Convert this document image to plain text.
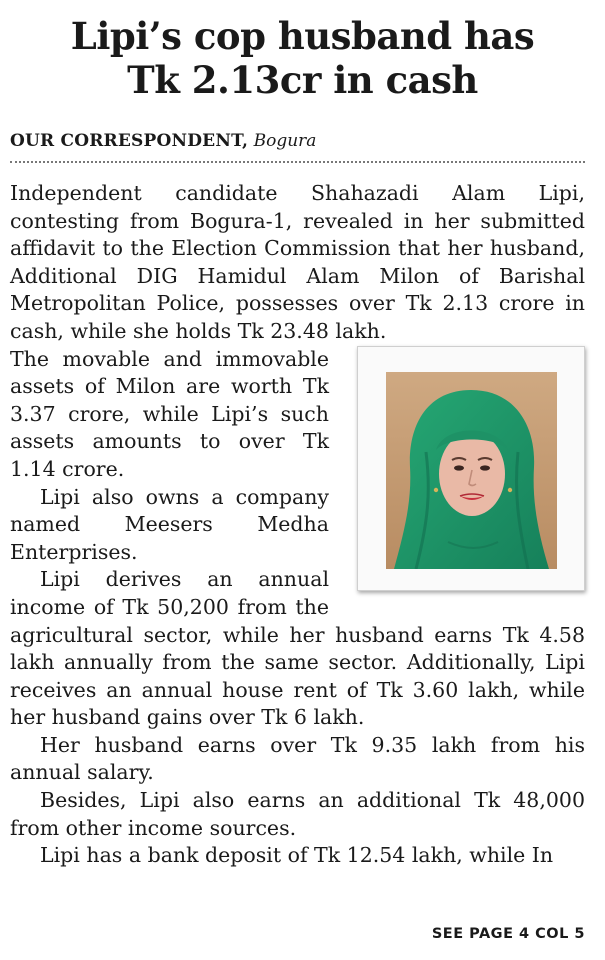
Lipi’s cop husband has
Tk 2.13cr in cash
OUR CORRESPONDENT, Bogura

Independent candidate Shahazadi Alam Lipi, contesting from Bogura-1, revealed in her submitted affidavit to the Election Commission that her husband, Additional DIG Hamidul Alam Milon of Barishal Metropolitan Police, possesses over Tk 2.13 crore in cash, while she holds Tk 23.48 lakh.

The movable and immovable assets of Milon are worth Tk 3.37 crore, while Lipi’s such assets amounts to over Tk 1.14 crore.

Lipi also owns a company named Meesers Medha Enterprises.

Lipi derives an annual income of Tk 50,200 from the agricultural sector, while her husband earns Tk 4.58 lakh annually from the same sector. Additionally, Lipi receives an annual house rent of Tk 3.60 lakh, while her husband gains over Tk 6 lakh.

Her husband earns over Tk 9.35 lakh from his annual salary.

Besides, Lipi also earns an additional Tk 48,000 from other income sources.

Lipi has a bank deposit of Tk 12.54 lakh, while In

SEE PAGE 4 COL 5
